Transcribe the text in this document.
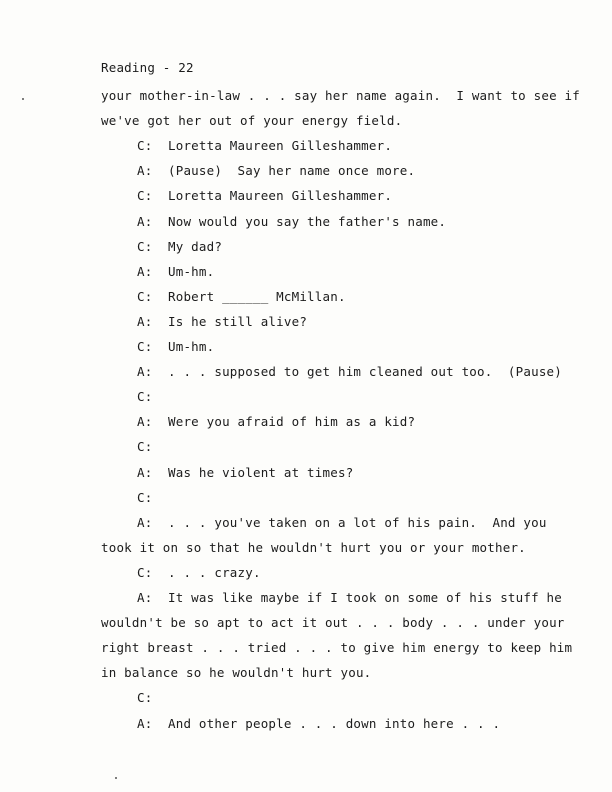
Reading - 22
your mother-in-law . . . say her name again.  I want to see if
we've got her out of your energy field.
C: Loretta Maureen Gilleshammer.
A: (Pause)  Say her name once more.
C: Loretta Maureen Gilleshammer.
A: Now would you say the father's name.
C: My dad?
A: Um-hm.
C: Robert ______ McMillan.
A: Is he still alive?
C: Um-hm.
A: . . . supposed to get him cleaned out too.  (Pause)
C:
A: Were you afraid of him as a kid?
C:
A: Was he violent at times?
C:
A: . . . you've taken on a lot of his pain.  And you
took it on so that he wouldn't hurt you or your mother.
C: . . . crazy.
A: It was like maybe if I took on some of his stuff he
wouldn't be so apt to act it out . . . body . . . under your
right breast . . . tried . . . to give him energy to keep him
in balance so he wouldn't hurt you.
C:
A: And other people . . . down into here . . .
